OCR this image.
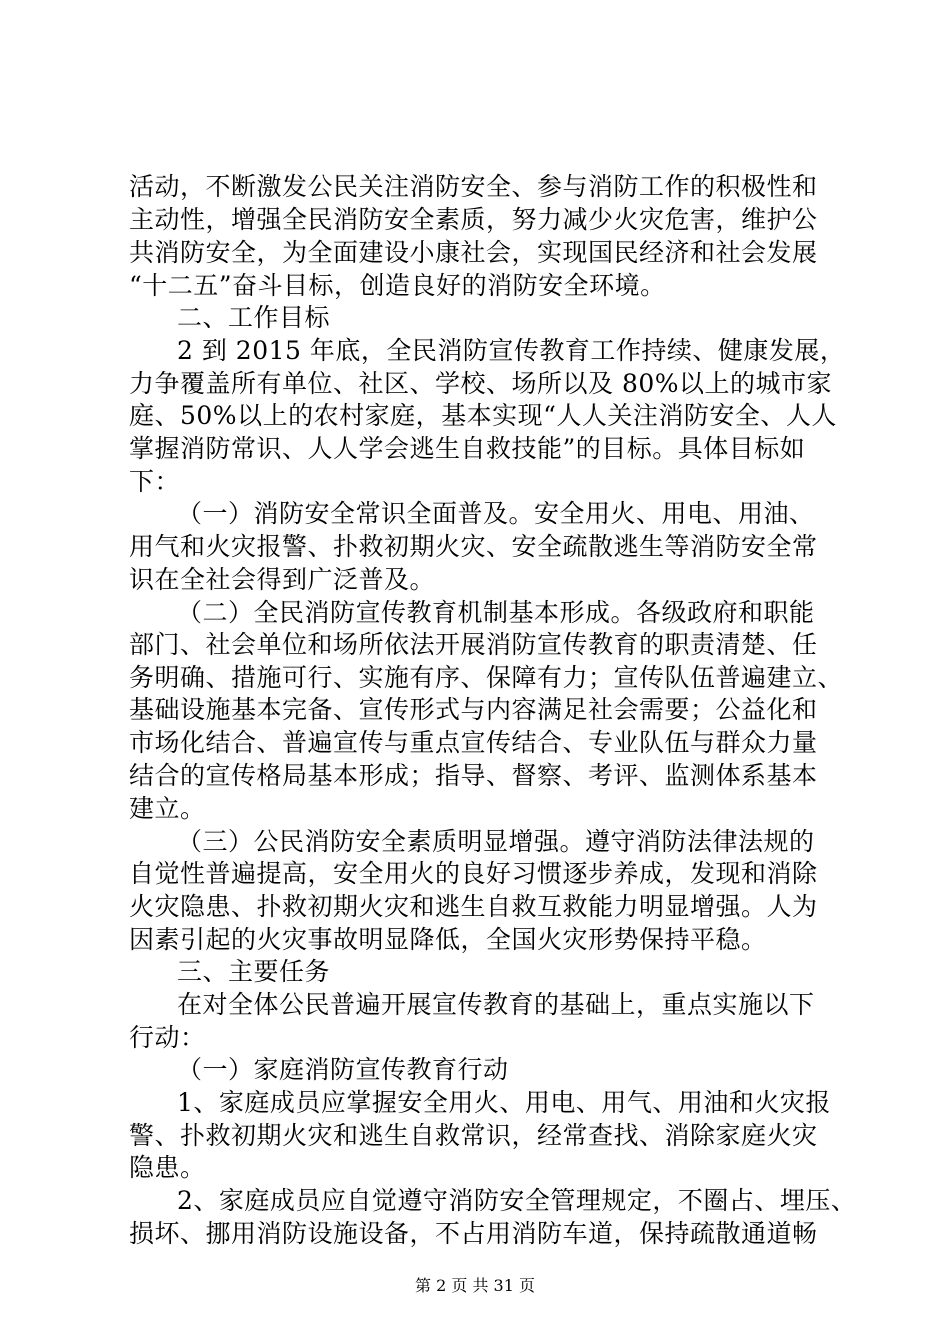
活动，不断激发公民关注消防安全、参与消防工作的积极性和
主动性，增强全民消防安全素质，努力减少火灾危害，维护公
共消防安全，为全面建设小康社会，实现国民经济和社会发展
“十二五”奋斗目标，创造良好的消防安全环境。
二、工作目标
2 到 2015 年底，全民消防宣传教育工作持续、健康发展，
力争覆盖所有单位、社区、学校、场所以及 80%以上的城市家
庭、50%以上的农村家庭，基本实现“人人关注消防安全、人人
掌握消防常识、人人学会逃生自救技能”的目标。具体目标如
下：
（一）消防安全常识全面普及。安全用火、用电、用油、
用气和火灾报警、扑救初期火灾、安全疏散逃生等消防安全常
识在全社会得到广泛普及。
（二）全民消防宣传教育机制基本形成。各级政府和职能
部门、社会单位和场所依法开展消防宣传教育的职责清楚、任
务明确、措施可行、实施有序、保障有力；宣传队伍普遍建立、
基础设施基本完备、宣传形式与内容满足社会需要；公益化和
市场化结合、普遍宣传与重点宣传结合、专业队伍与群众力量
结合的宣传格局基本形成；指导、督察、考评、监测体系基本
建立。
（三）公民消防安全素质明显增强。遵守消防法律法规的
自觉性普遍提高，安全用火的良好习惯逐步养成，发现和消除
火灾隐患、扑救初期火灾和逃生自救互救能力明显增强。人为
因素引起的火灾事故明显降低，全国火灾形势保持平稳。
三、主要任务
在对全体公民普遍开展宣传教育的基础上，重点实施以下
行动：
（一）家庭消防宣传教育行动
1、家庭成员应掌握安全用火、用电、用气、用油和火灾报
警、扑救初期火灾和逃生自救常识，经常查找、消除家庭火灾
隐患。
2、家庭成员应自觉遵守消防安全管理规定，不圈占、埋压、
损坏、挪用消防设施设备，不占用消防车道，保持疏散通道畅
第 2 页 共 31 页
